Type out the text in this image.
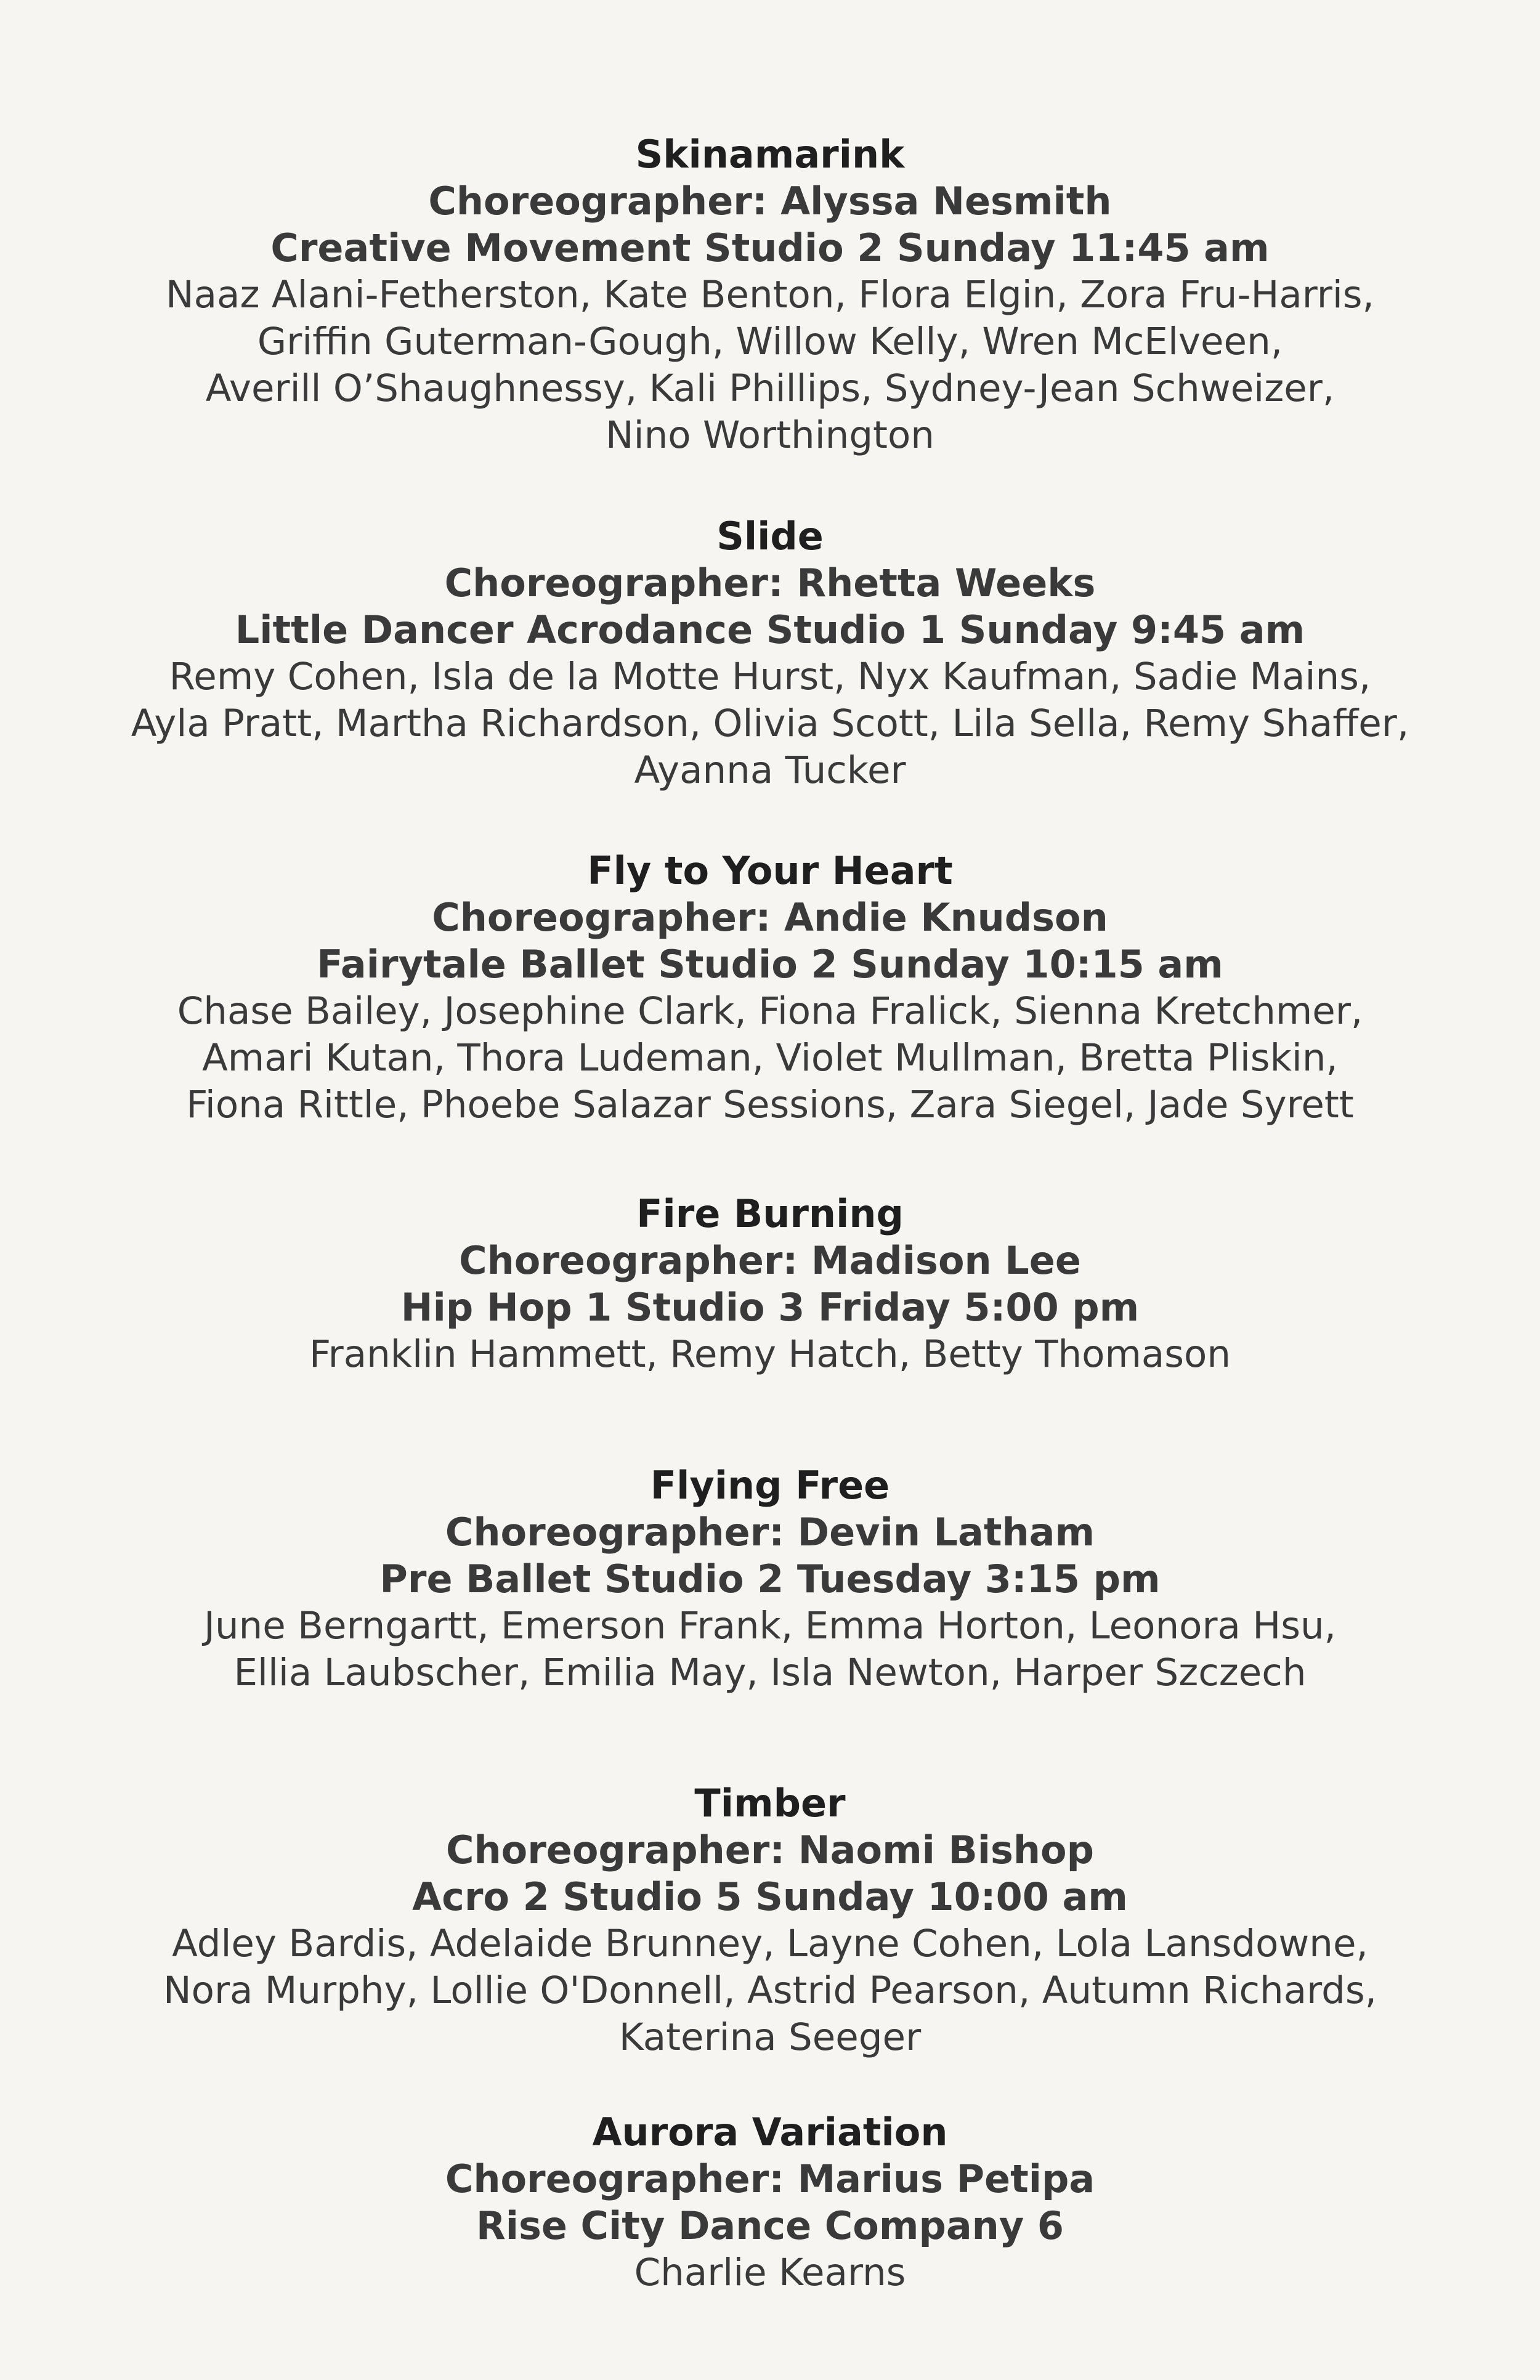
Skinamarink
Choreographer: Alyssa Nesmith
Creative Movement Studio 2 Sunday 11:45 am
Naaz Alani-Fetherston, Kate Benton, Flora Elgin, Zora Fru-Harris,
Griffin Guterman-Gough, Willow Kelly, Wren McElveen,
Averill O’Shaughnessy, Kali Phillips, Sydney-Jean Schweizer,
Nino Worthington
Slide
Choreographer: Rhetta Weeks
Little Dancer Acrodance Studio 1 Sunday 9:45 am
Remy Cohen, Isla de la Motte Hurst, Nyx Kaufman, Sadie Mains,
Ayla Pratt, Martha Richardson, Olivia Scott, Lila Sella, Remy Shaffer,
Ayanna Tucker
Fly to Your Heart
Choreographer: Andie Knudson
Fairytale Ballet Studio 2 Sunday 10:15 am
Chase Bailey, Josephine Clark, Fiona Fralick, Sienna Kretchmer,
Amari Kutan, Thora Ludeman, Violet Mullman, Bretta Pliskin,
Fiona Rittle, Phoebe Salazar Sessions, Zara Siegel, Jade Syrett
Fire Burning
Choreographer: Madison Lee
Hip Hop 1 Studio 3 Friday 5:00 pm
Franklin Hammett, Remy Hatch, Betty Thomason
Flying Free
Choreographer: Devin Latham
Pre Ballet Studio 2 Tuesday 3:15 pm
June Berngartt, Emerson Frank, Emma Horton, Leonora Hsu,
Ellia Laubscher, Emilia May, Isla Newton, Harper Szczech
Timber
Choreographer: Naomi Bishop
Acro 2 Studio 5 Sunday 10:00 am
Adley Bardis, Adelaide Brunney, Layne Cohen, Lola Lansdowne,
Nora Murphy, Lollie O'Donnell, Astrid Pearson, Autumn Richards,
Katerina Seeger
Aurora Variation
Choreographer: Marius Petipa
Rise City Dance Company 6
Charlie Kearns
